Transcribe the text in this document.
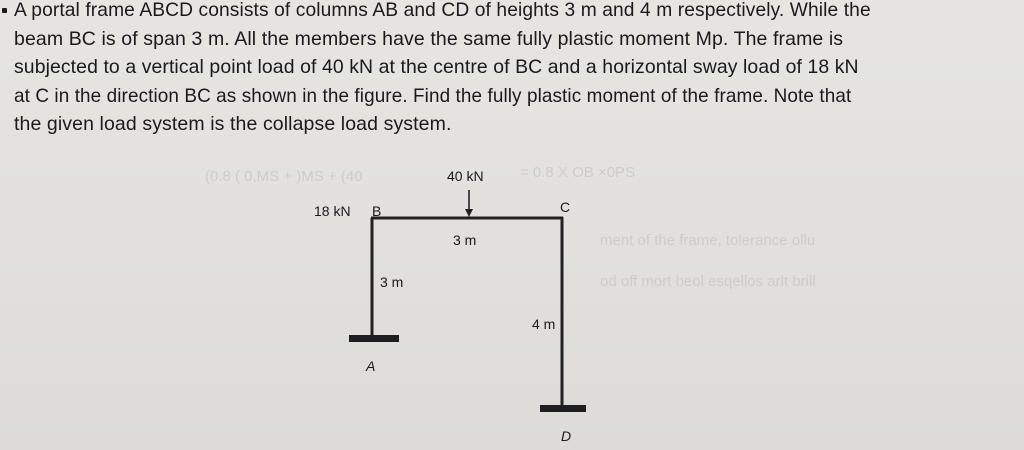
A portal frame ABCD consists of columns AB and CD of heights 3 m and 4 m respectively. While the
beam BC is of span 3 m. All the members have the same fully plastic moment Mp. The frame is
subjected to a vertical point load of 40 kN at the centre of BC and a horizontal sway load of 18 kN
at C in the direction BC as shown in the figure. Find the fully plastic moment of the frame. Note that
the given load system is the collapse load system.
(0.8 ( 0,MS + )MS + (40	= 0.8 X OB ×0PS
ment of the frame, tolerance ollu
od off mort beol esqellos arlt brill
40 kN
18 kN B	C
3 m
3 m
4 m
A
D
